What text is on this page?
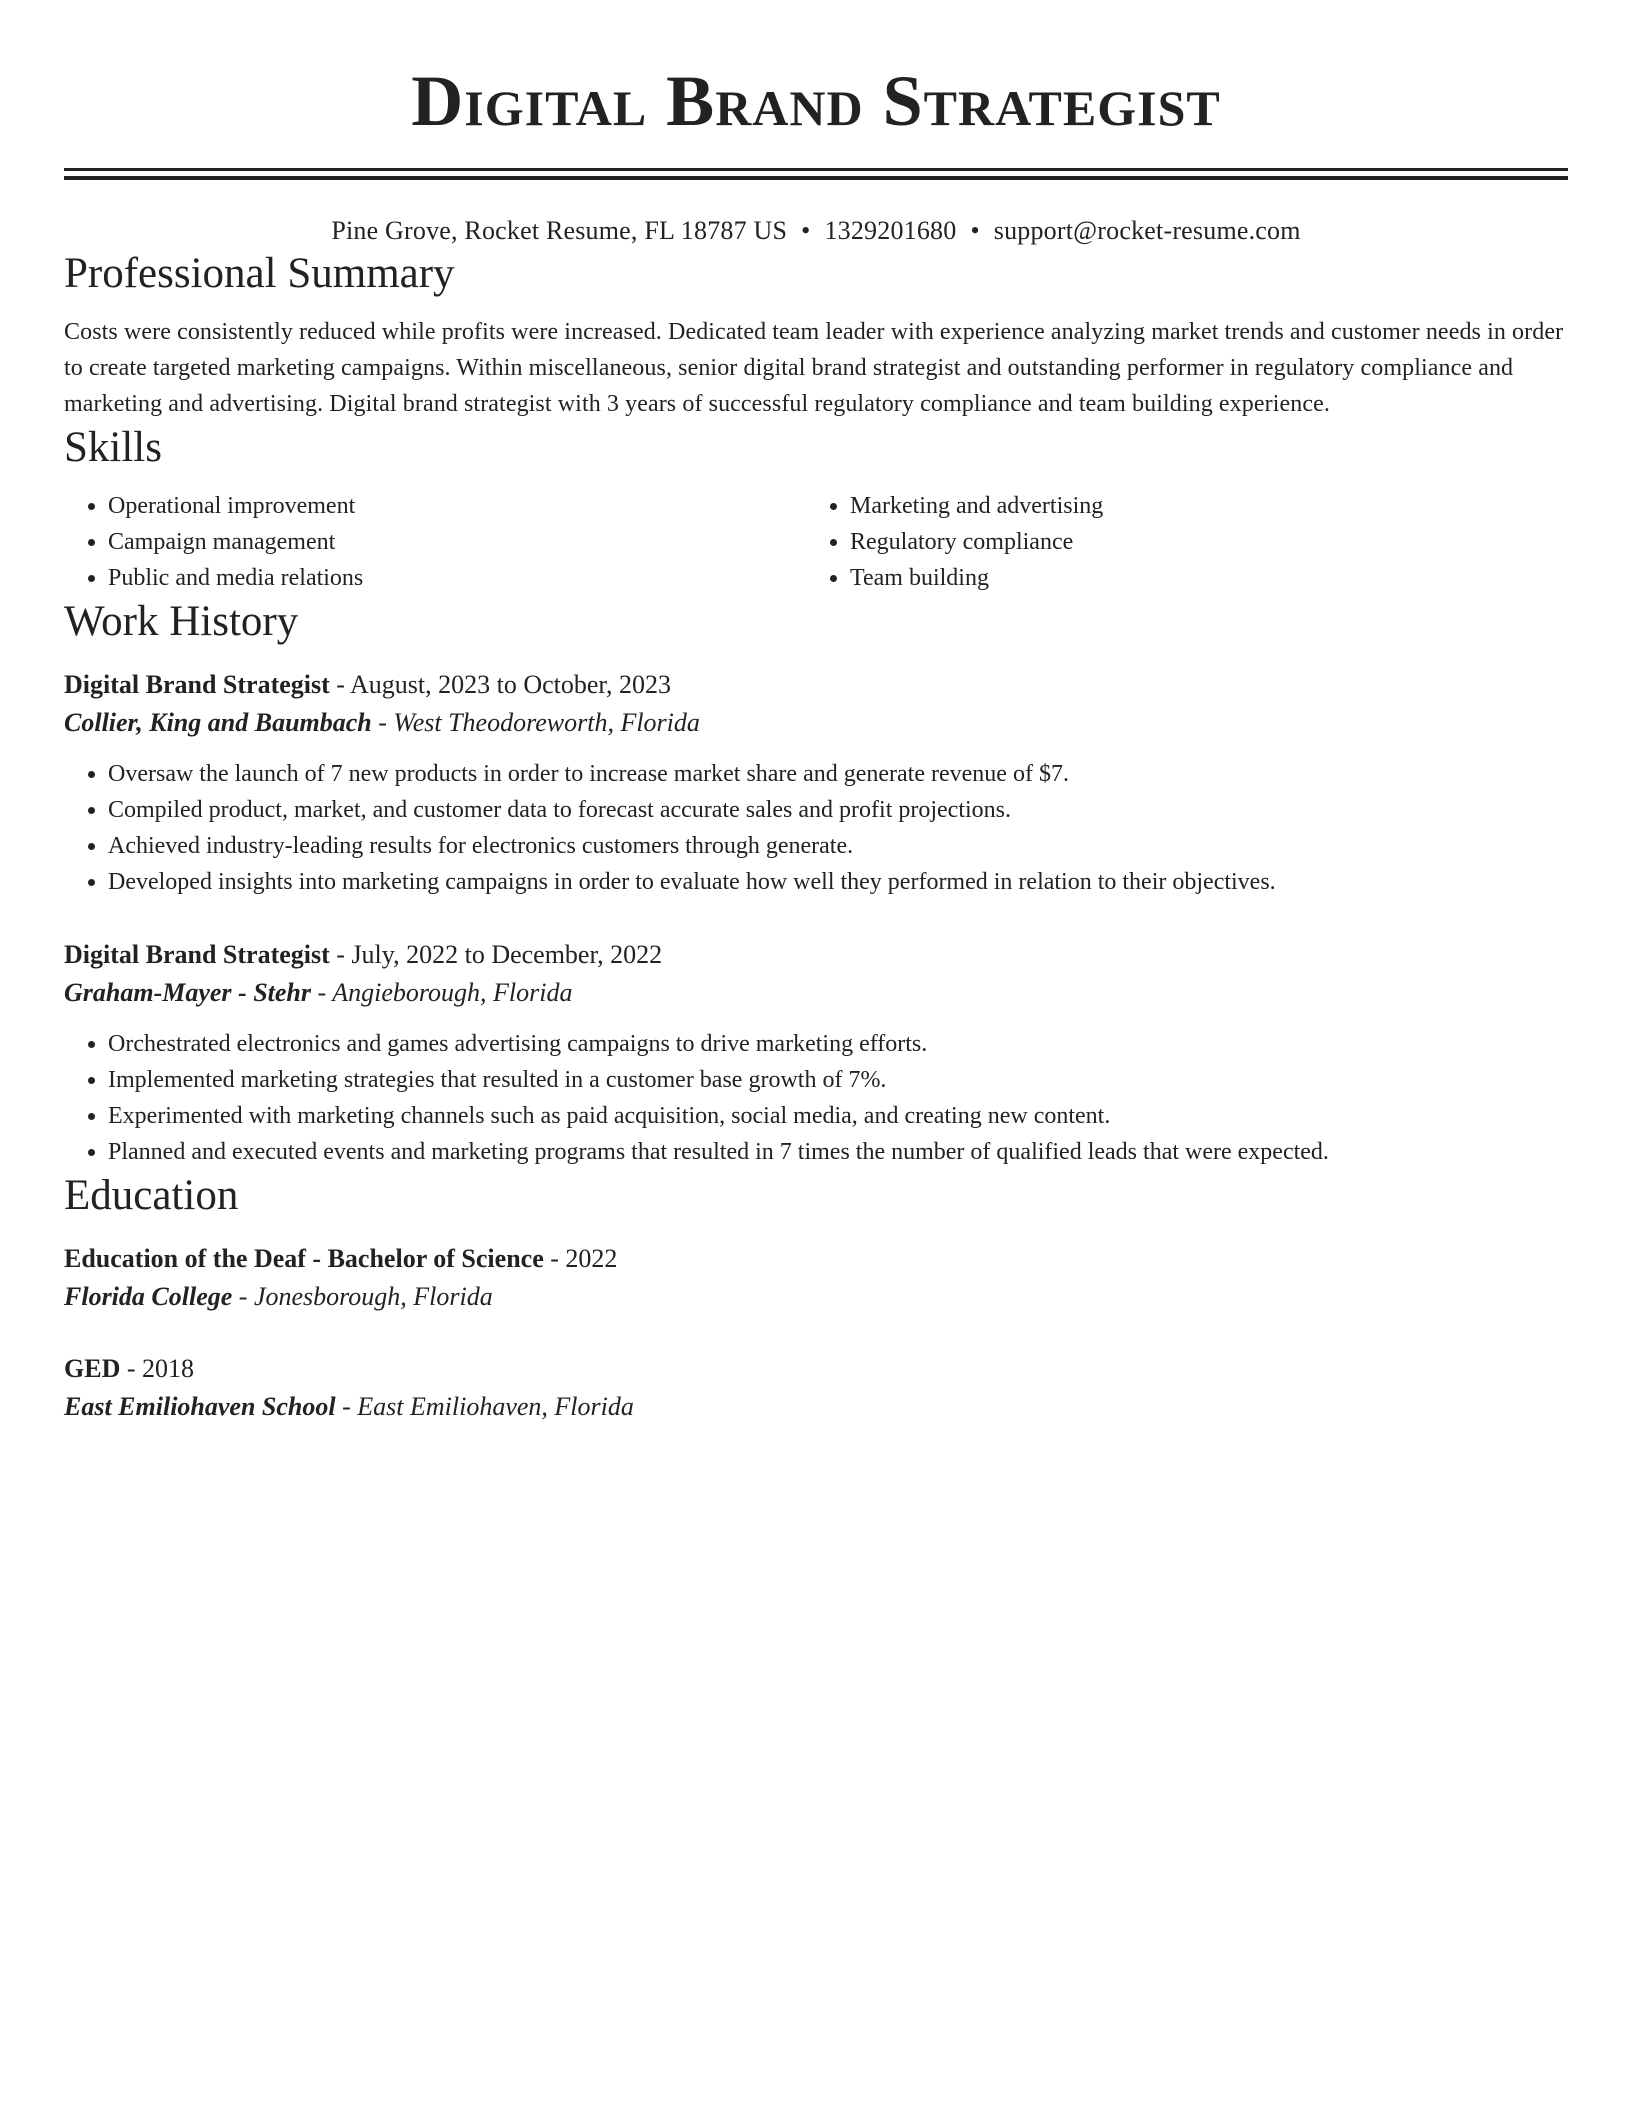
Digital Brand Strategist
Pine Grove, Rocket Resume, FL 18787 US • 1329201680 • support@rocket-resume.com
Professional Summary
Costs were consistently reduced while profits were increased. Dedicated team leader with experience analyzing market trends and customer needs in order to create targeted marketing campaigns. Within miscellaneous, senior digital brand strategist and outstanding performer in regulatory compliance and marketing and advertising. Digital brand strategist with 3 years of successful regulatory compliance and team building experience.
Skills
• Operational improvement
• Campaign management
• Public and media relations
• Marketing and advertising
• Regulatory compliance
• Team building
Work History
Digital Brand Strategist - August, 2023 to October, 2023
Collier, King and Baumbach - West Theodoreworth, Florida
• Oversaw the launch of 7 new products in order to increase market share and generate revenue of $7.
• Compiled product, market, and customer data to forecast accurate sales and profit projections.
• Achieved industry-leading results for electronics customers through generate.
• Developed insights into marketing campaigns in order to evaluate how well they performed in relation to their objectives.
Digital Brand Strategist - July, 2022 to December, 2022
Graham-Mayer - Stehr - Angieborough, Florida
• Orchestrated electronics and games advertising campaigns to drive marketing efforts.
• Implemented marketing strategies that resulted in a customer base growth of 7%.
• Experimented with marketing channels such as paid acquisition, social media, and creating new content.
• Planned and executed events and marketing programs that resulted in 7 times the number of qualified leads that were expected.
Education
Education of the Deaf - Bachelor of Science - 2022
Florida College - Jonesborough, Florida
GED - 2018
East Emiliohaven School - East Emiliohaven, Florida
